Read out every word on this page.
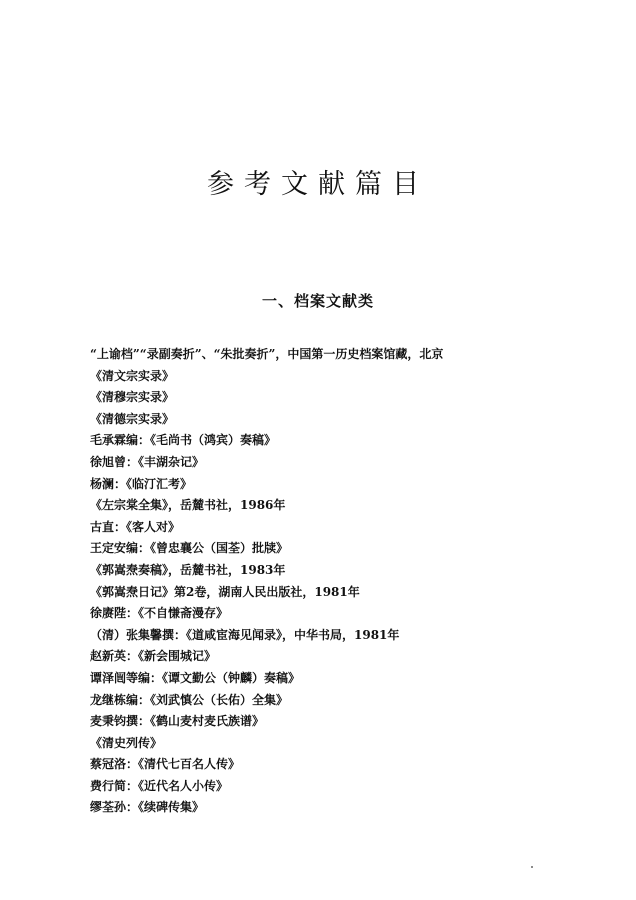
参考文献篇目
一、档案文献类
“上谕档”“录副奏折”、“朱批奏折”，中国第一历史档案馆藏，北京
《清文宗实录》
《清穆宗实录》
《清德宗实录》
毛承霖编：《毛尚书（鸿宾）奏稿》
徐旭曾：《丰湖杂记》
杨澜：《临汀汇考》
《左宗棠全集》，岳麓书社，1986年
古直：《客人对》
王定安编：《曾忠襄公（国荃）批牍》
《郭嵩焘奏稿》，岳麓书社，1983年
《郭嵩焘日记》第2卷，湖南人民出版社，1981年
徐赓陛：《不自慊斋漫存》
（清）张集馨撰：《道咸宦海见闻录》，中华书局，1981年
赵新英：《新会围城记》
谭泽闿等编：《谭文勤公（钟麟）奏稿》
龙继栋编：《刘武慎公（长佑）全集》
麦秉钧撰：《鹤山麦村麦氏族谱》
《清史列传》
蔡冠洛：《清代七百名人传》
费行简：《近代名人小传》
缪荃孙：《续碑传集》
